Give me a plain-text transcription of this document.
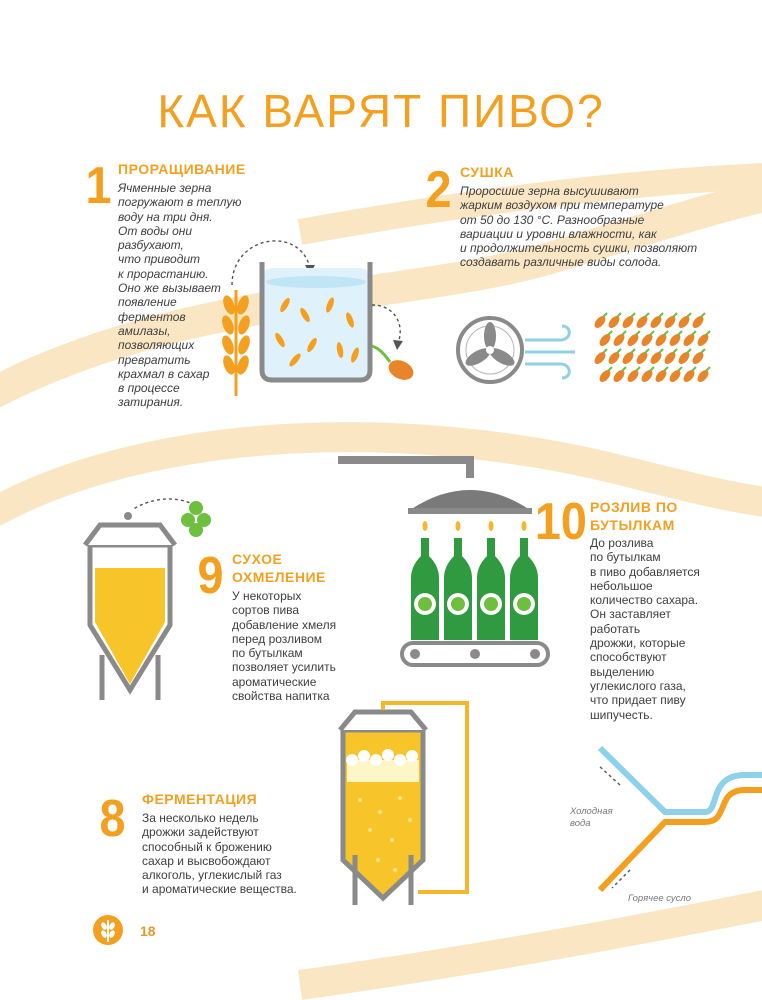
КАК ВАРЯТ ПИВО?
1 ПРОРАЩИВАНИЕ
Ячменные зерна
погружают в теплую
воду на три дня.
От воды они
разбухают,
что приводит
к прорастанию.
Оно же вызывает
появление
ферментов
амилазы,
позволяющих
превратить
крахмал в сахар
в процессе
затирания.
2 СУШКА
Проросшие зерна высушивают
жарким воздухом при температуре
от 50 до 130 °С. Разнообразные
вариации и уровни влажности, как
и продолжительность сушки, позволяют
создавать различные виды солода.
10 РОЗЛИВ ПО
БУТЫЛКАМ
До розлива
по бутылкам
в пиво добавляется
небольшое
количество сахара.
Он заставляет
работать
дрожжи, которые
способствуют
выделению
углекислого газа,
что придает пиву
шипучесть.
9 СУХОЕ
ОХМЕЛЕНИЕ
У некоторых
сортов пива
добавление хмеля
перед розливом
по бутылкам
позволяет усилить
ароматические
свойства напитка
8 ФЕРМЕНТАЦИЯ
За несколько недель
дрожжи задействуют
способный к брожению
сахар и высвобождают
алкоголь, углекислый газ
и ароматические вещества.
Холодная
вода
Горячее сусло
18
